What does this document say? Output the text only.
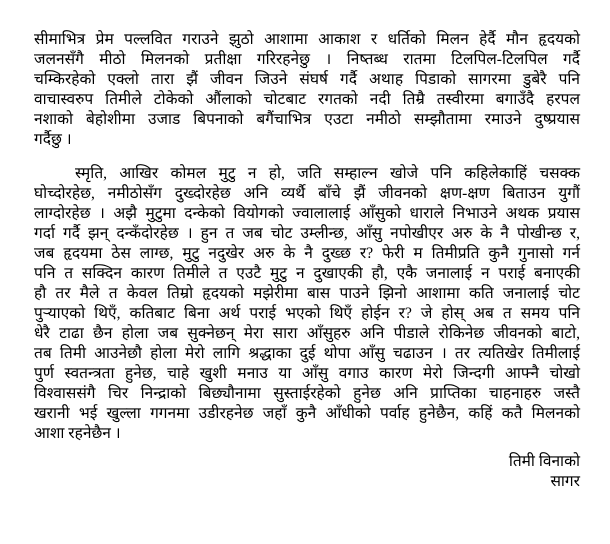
सीमाभित्र प्रेम पल्लवित गराउने झुठो आशामा आकाश र धर्तिको मिलन हेर्दै मौन हृदयको
जलनसँगै मीठो मिलनको प्रतीक्षा गरिरहनेछु । निष्तब्ध रातमा टिलपिल-टिलपिल गर्दै
चम्किरहेको एक्लो तारा झैं जीवन जिउने संघर्ष गर्दै अथाह पिडाको सागरमा डुबेरै पनि
वाचास्वरुप तिमीले टोकेको औंलाको चोटबाट रगतको नदी तिम्रै तस्वीरमा बगाउँदै हरपल
नशाको बेहोशीमा उजाड बिपनाको बगैंचाभित्र एउटा नमीठो सम्झौतामा रमाउने दुष्प्रयास
गर्दैछु ।
स्मृति, आखिर कोमल मुटु न हो, जति सम्हाल्न खोजे पनि कहिलेकाहिं चसक्क
घोच्दोरहेछ, नमीठोसँग दुख्दोरहेछ अनि व्यर्थै बाँचे झैं जीवनको क्षण-क्षण बिताउन युगौं
लाग्दोरहेछ । अझै मुटुमा दन्केको वियोगको ज्वालालाई आँसुको धाराले निभाउने अथक प्रयास
गर्दा गर्दै झन् दन्कँदोरहेछ । हुन त जब चोट उम्लीन्छ, आँसु नपोखीएर अरु के नै पोखीन्छ र,
जब हृदयमा ठेस लाग्छ, मुटु नदुखेर अरु के नै दुख्छ र? फेरी म तिमीप्रति कुनै गुनासो गर्न
पनि त सक्दिन कारण तिमीले त एउटै मुटु न दुखाएकी हौ, एकै जनालाई न पराई बनाएकी
हौ तर मैले त केवल तिम्रो हृदयको मझेरीमा बास पाउने झिनो आशामा कति जनालाई चोट
पुऱ्याएको थिएँ, कतिबाट बिना अर्थ पराई भएको थिएँ होईन र? जे होस् अब त समय पनि
धेरै टाढा छैन होला जब सुक्नेछन् मेरा सारा आँसुहरु अनि पीडाले रोकिनेछ जीवनको बाटो,
तब तिमी आउनेछौ होला मेरो लागि श्रद्धाका दुई थोपा आँसु चढाउन । तर त्यतिखेर तिमीलाई
पुर्ण स्वतन्त्रता हुनेछ, चाहे खुशी मनाउ या आँसु वगाउ कारण मेरो जिन्दगी आफ्नै चोखो
विश्वाससंगै चिर निन्द्राको बिछ्यौनामा सुस्ताईरहेको हुनेछ अनि प्राप्तिका चाहनाहरु जस्तै
खरानी भई खुल्ला गगनमा उडीरहनेछ जहाँ कुनै आँधीको पर्वाह हुनेछैन, कहिं कतै मिलनको
आशा रहनेछैन ।
तिमी विनाको
सागर
